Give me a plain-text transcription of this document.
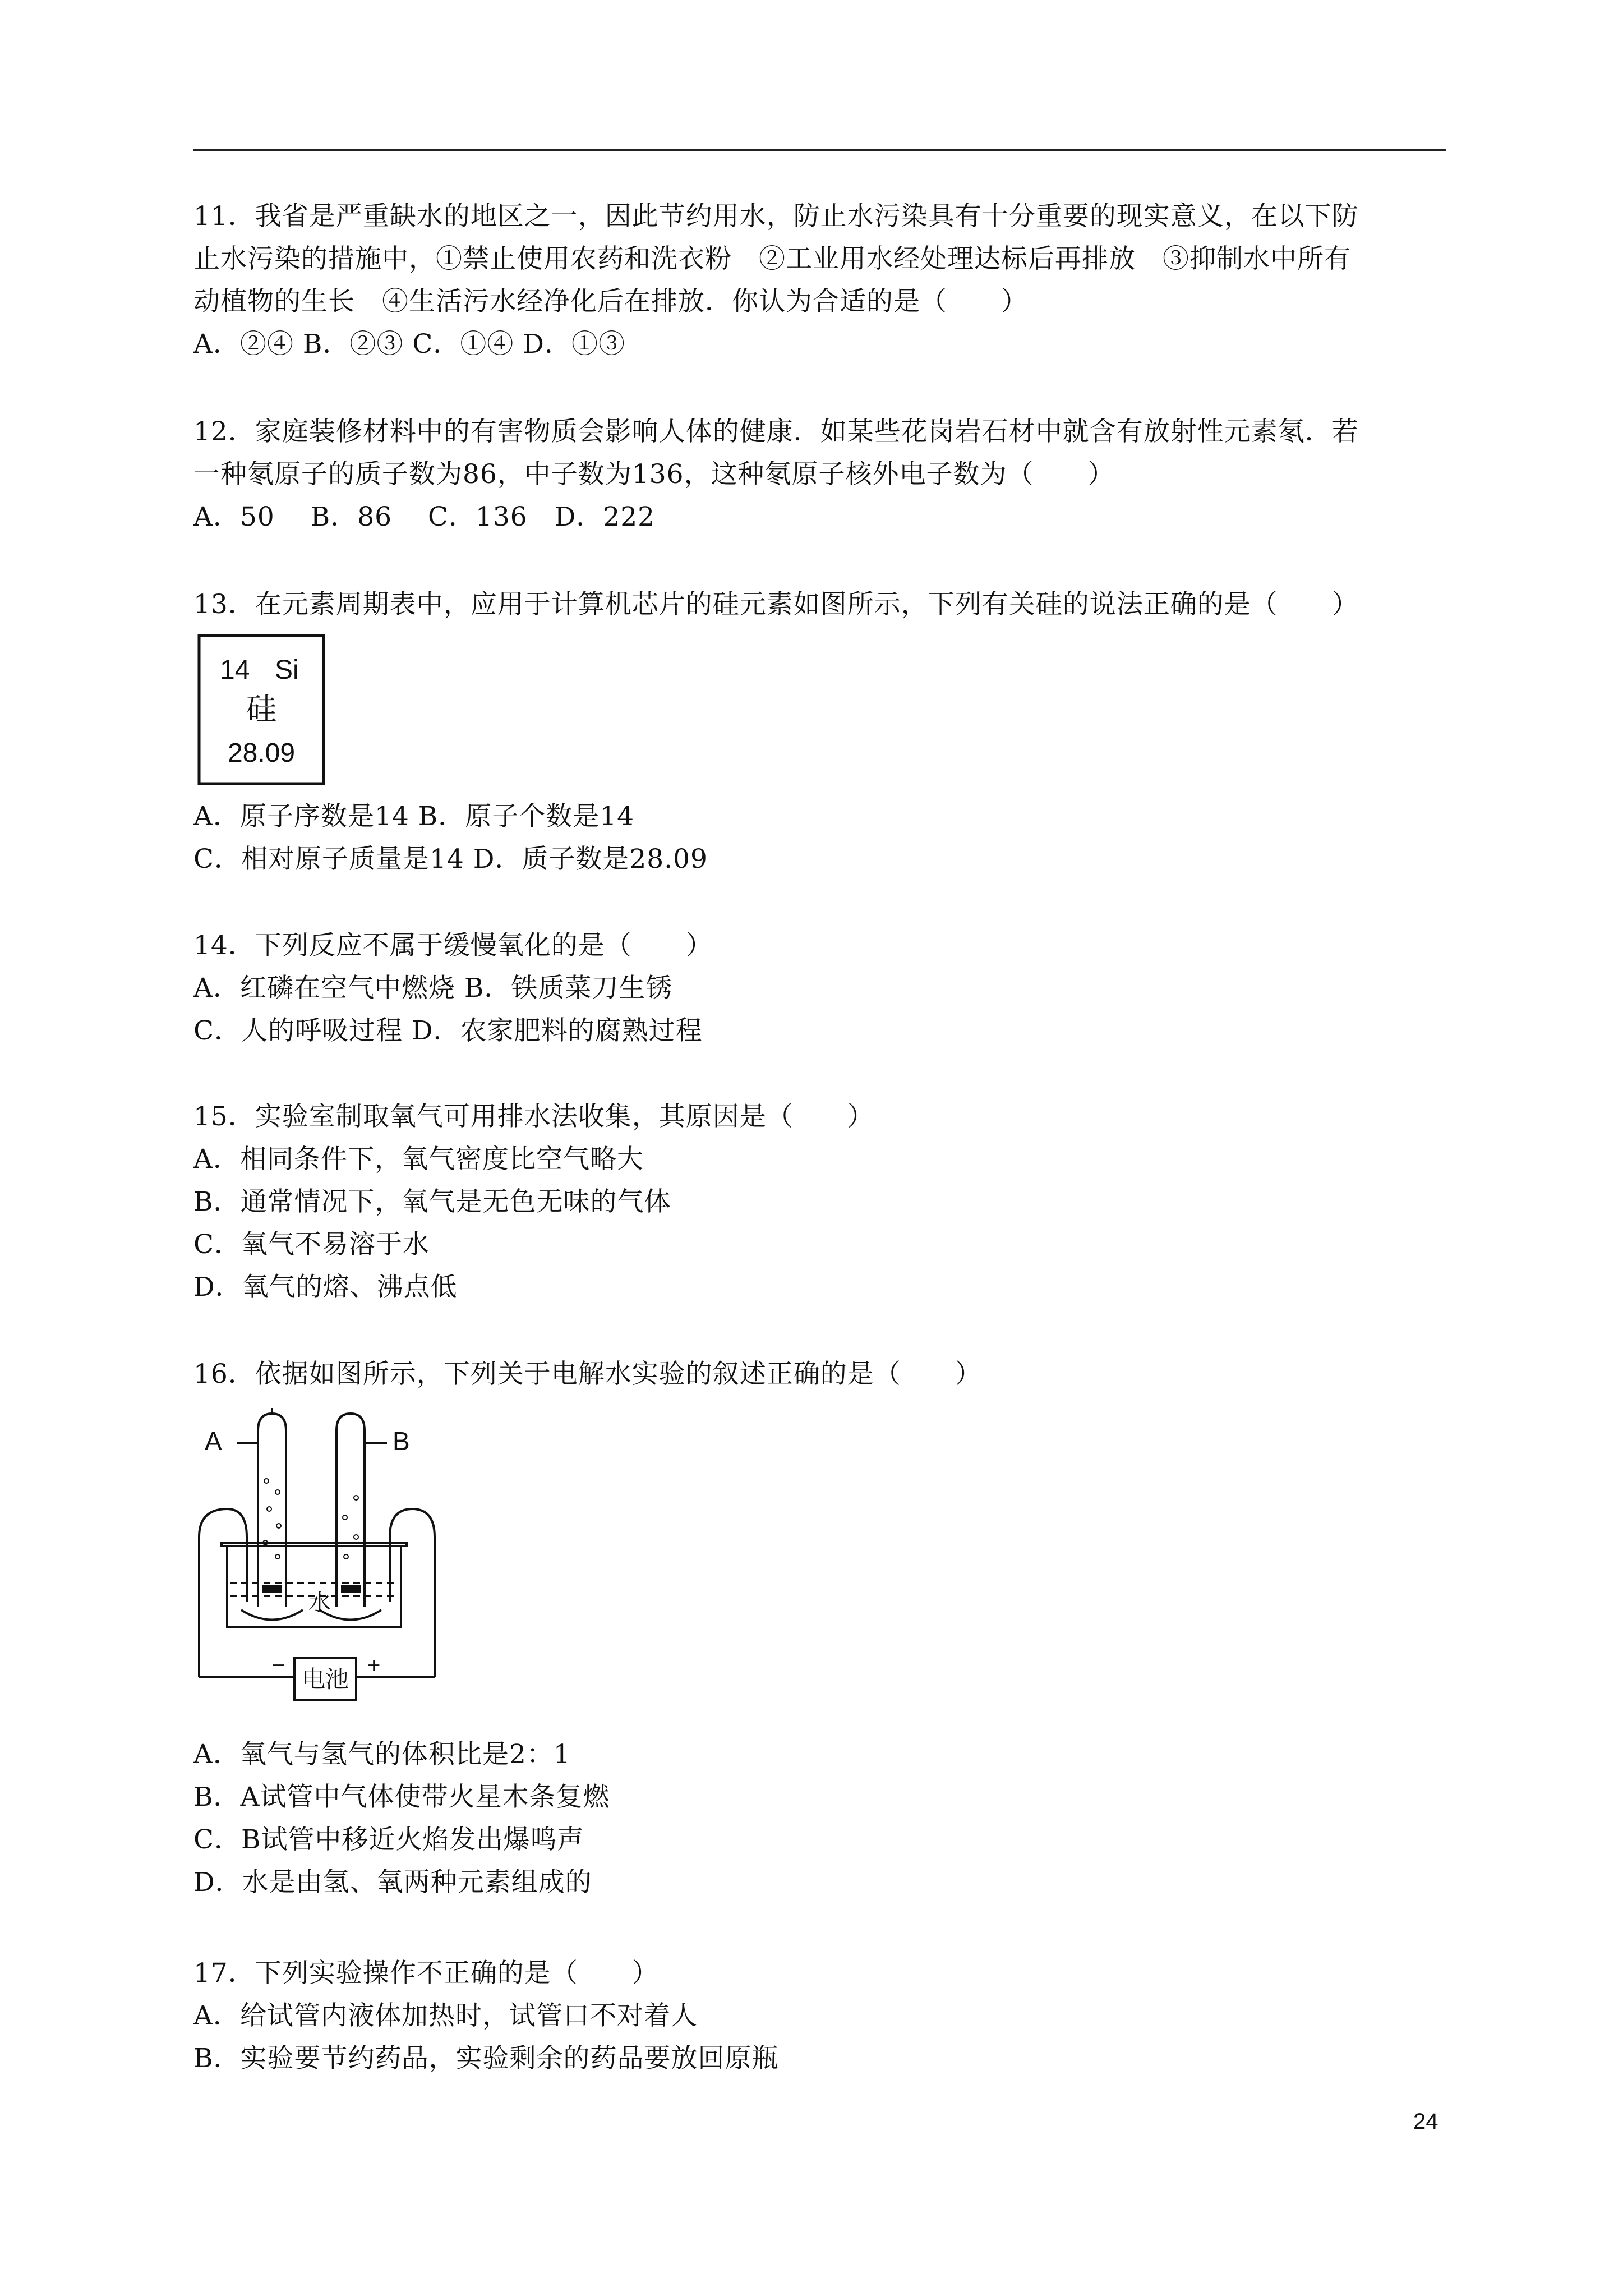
11．我省是严重缺水的地区之一，因此节约用水，防止水污染具有十分重要的现实意义，在以下防
止水污染的措施中，①禁止使用农药和洗衣粉　②工业用水经处理达标后再排放　③抑制水中所有
动植物的生长　④生活污水经净化后在排放．你认为合适的是（　　）
A．②④ B．②③ C．①④ D．①③
12．家庭装修材料中的有害物质会影响人体的健康．如某些花岗岩石材中就含有放射性元素氡．若
一种氡原子的质子数为86，中子数为136，这种氡原子核外电子数为（　　）
A．50　 B．86　 C．136　D．222
13．在元素周期表中，应用于计算机芯片的硅元素如图所示，下列有关硅的说法正确的是（　　）
14 Si
硅
28.09
A．原子序数是14 B．原子个数是14
C．相对原子质量是14 D．质子数是28.09
14．下列反应不属于缓慢氧化的是（　　）
A．红磷在空气中燃烧 B．铁质菜刀生锈
C．人的呼吸过程 D．农家肥料的腐熟过程
15．实验室制取氧气可用排水法收集，其原因是（　　）
A．相同条件下，氧气密度比空气略大
B．通常情况下，氧气是无色无味的气体
C．氧气不易溶于水
D．氧气的熔、沸点低
16．依据如图所示，下列关于电解水实验的叙述正确的是（　　）
A	B
水
电池
−	+
A．氧气与氢气的体积比是2：1
B．A试管中气体使带火星木条复燃
C．B试管中移近火焰发出爆鸣声
D．水是由氢、氧两种元素组成的
17．下列实验操作不正确的是（　　）
A．给试管内液体加热时，试管口不对着人
B．实验要节约药品，实验剩余的药品要放回原瓶
24
